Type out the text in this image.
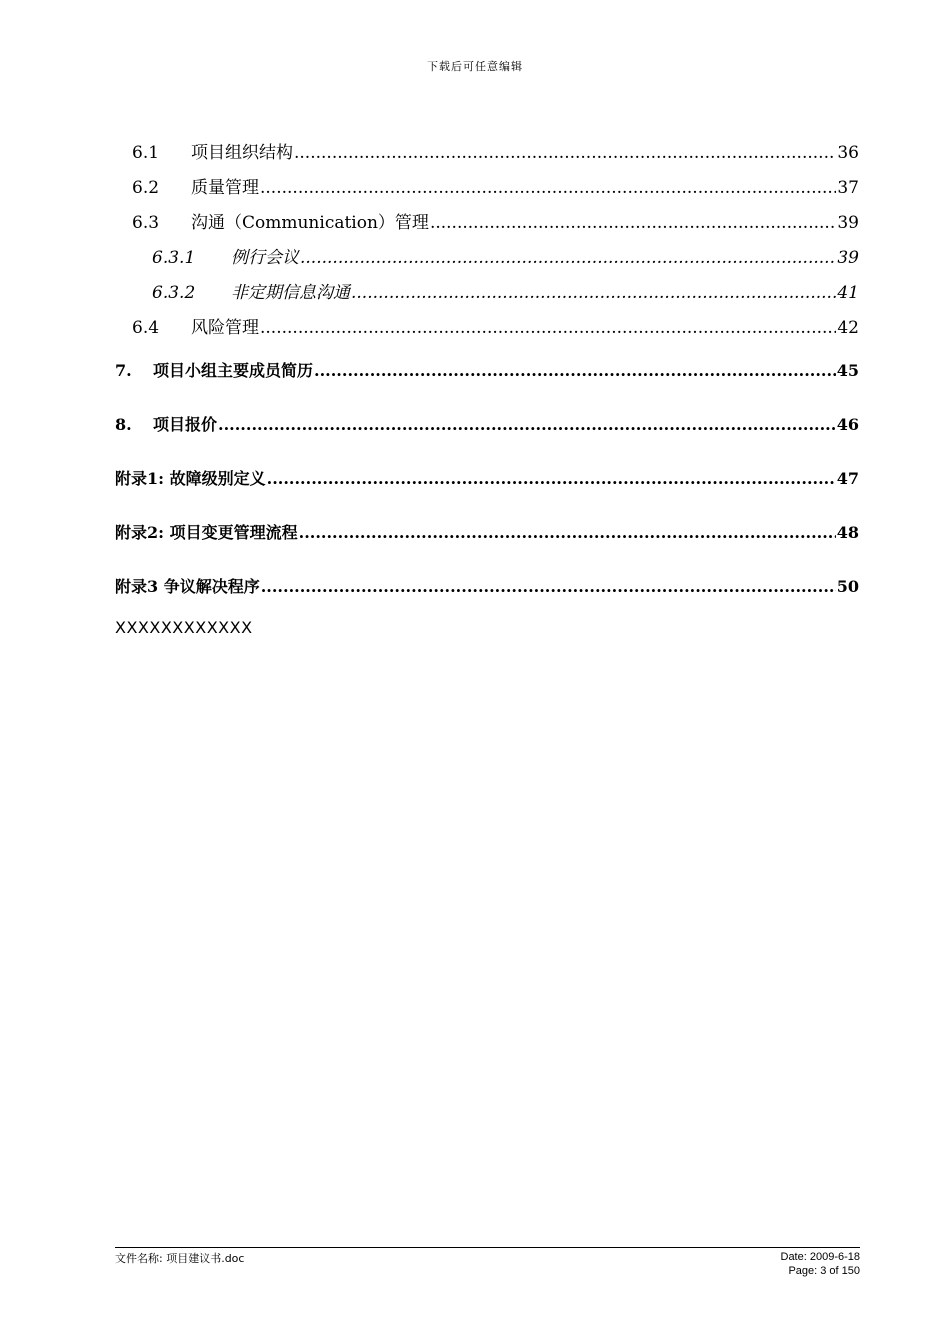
下载后可任意编辑
6.1	项目组织结构 .....	36
6.2	质量管理 .....	37
6.3	沟通（Communication）管理 .....	39
6.3.1	例行会议 .....	39
6.3.2	非定期信息沟通 .....	41
6.4	风险管理 .....	42
7.	项目小组主要成员简历 .....	45
8.	项目报价 .....	46
附录1: 故障级别定义 .....	47
附录2: 项目变更管理流程 .....	48
附录3 争议解决程序 .....	50
XXXXXXXXXXXX
文件名称: 项目建议书.doc	Date: 2009-6-18
Page: 3 of 150
